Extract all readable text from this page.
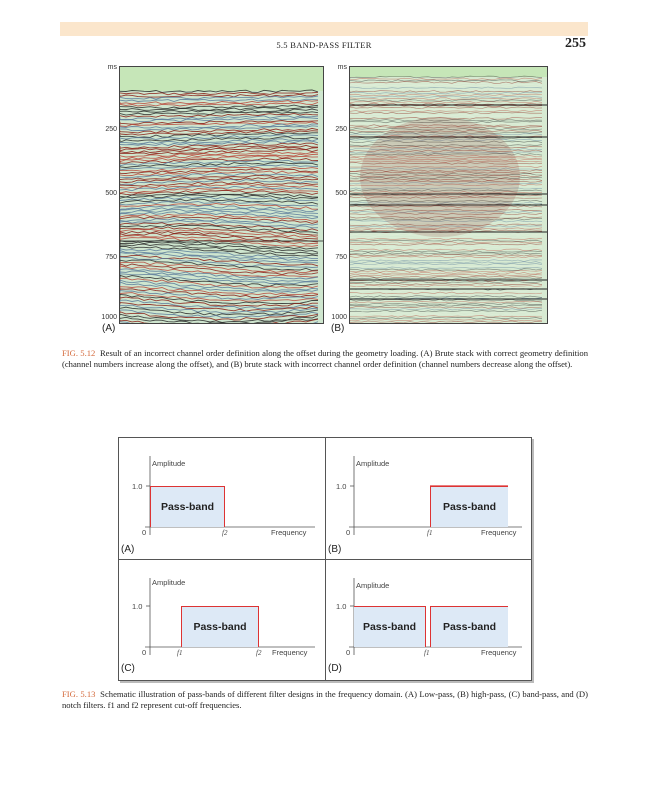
5.5 BAND-PASS FILTER	255
ms
250
500
750
1000
(A)
ms
250
500
750
1000
(B)
FIG. 5.12 Result of an incorrect channel order definition along the offset during the geometry loading. (A) Brute stack with correct geometry definition (channel numbers increase along the offset), and (B) brute stack with incorrect channel order definition (channel numbers decrease along the offset).
Amplitude
1.0
0	Frequency
Pass-band
f2
(A)
Amplitude
1.0
0	Frequency
Pass-band
f1
(B)
Amplitude
1.0
0	Frequency
Pass-band
f1	f2
(C)
Amplitude
1.0
0	Frequency
Pass-band	Pass-band
f1
(D)
FIG. 5.13 Schematic illustration of pass-bands of different filter designs in the frequency domain. (A) Low-pass, (B) high-pass, (C) band-pass, and (D) notch filters. f1 and f2 represent cut-off frequencies.
